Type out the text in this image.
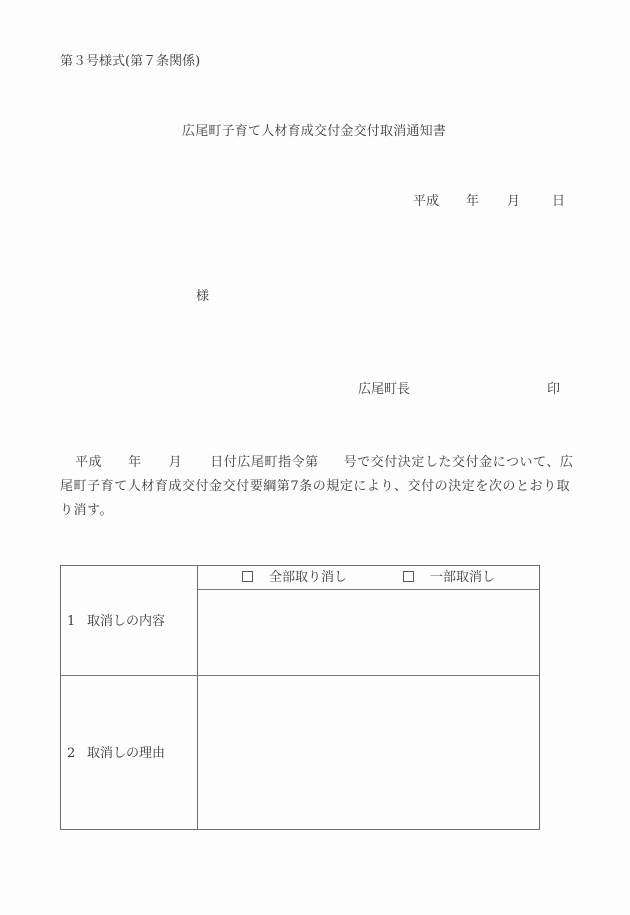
第３号様式(第７条関係)
広尾町子育て人材育成交付金交付取消通知書
平成 年 月 日
様
広尾町長	印
平成 年 月 日付広尾町指令第 号で交付決定した交付金について、広
尾町子育て人材育成交付金交付要綱第7条の規定により、交付の決定を次のとおり取
り消す。
1 取消しの内容
全部取り消し	一部取消し
2 取消しの理由
